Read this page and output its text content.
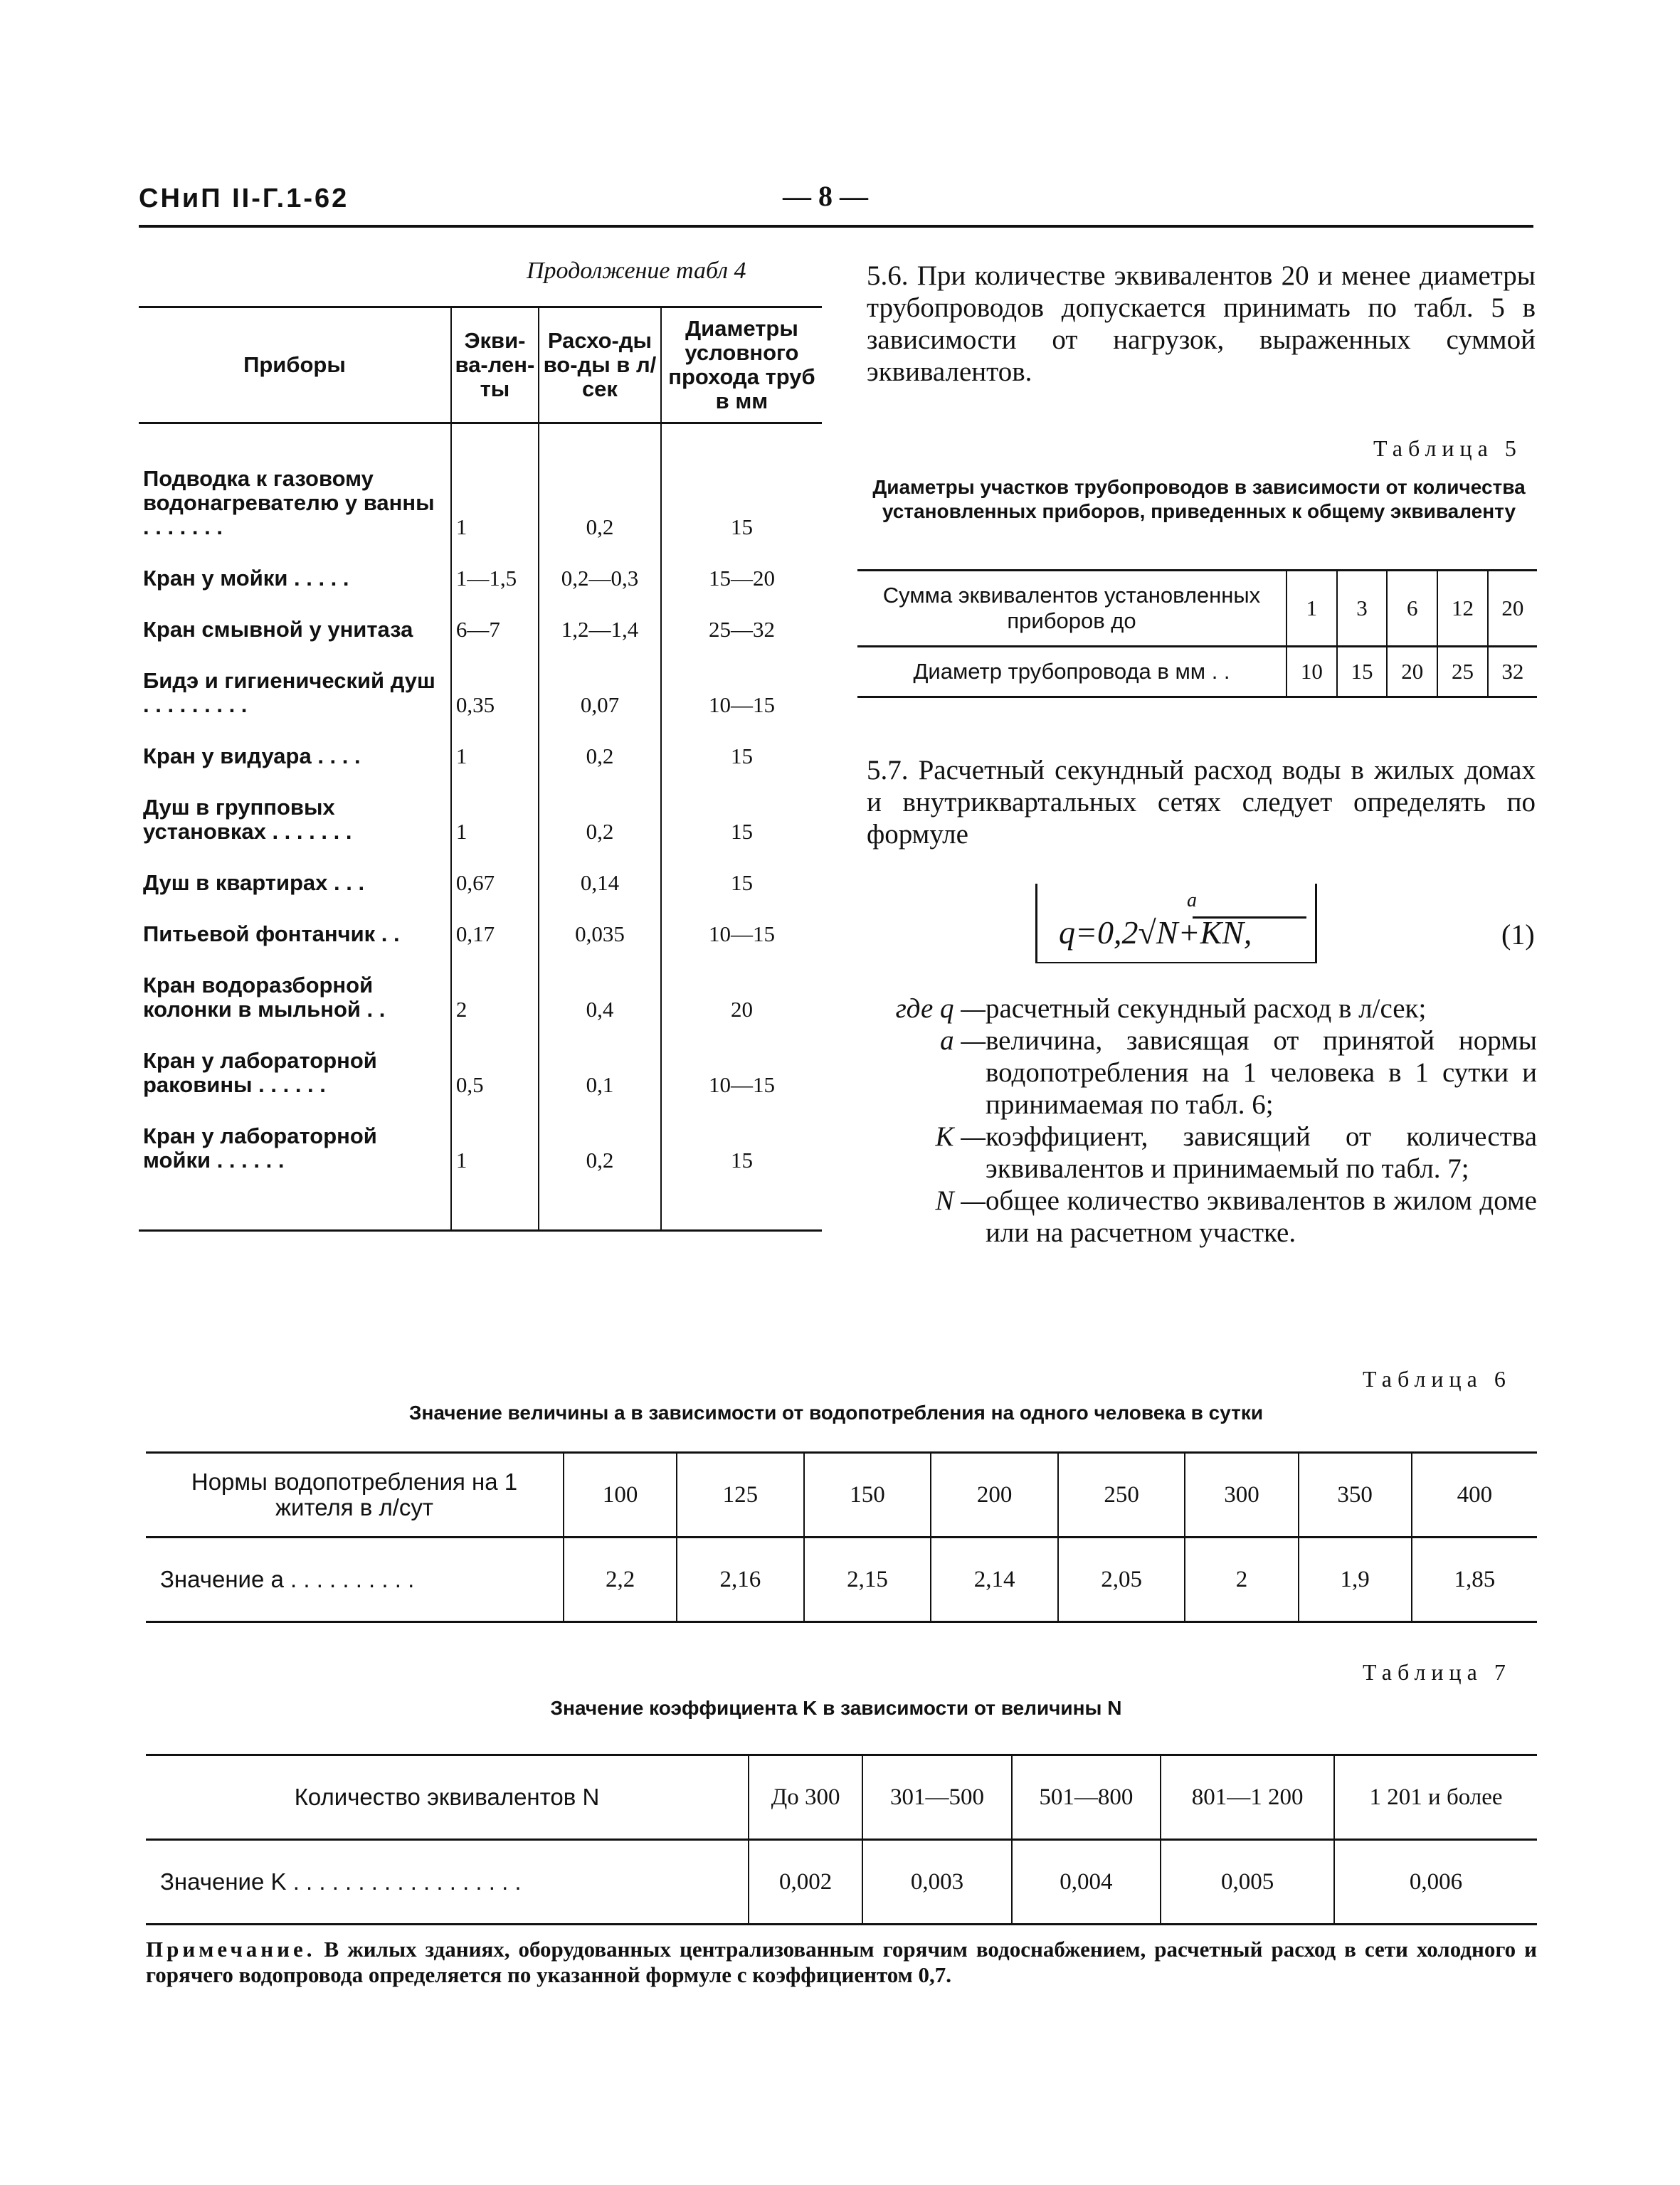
СНиП II-Г.1-62	— 8 —
Продолжение табл 4
Приборы	Экви-ва-лен-ты	Расхо-ды во-ды в л/сек	Диаметры условного прохода труб в мм
Подводка к газовому водонагревателю у ванны . . . . . . .	1	0,2	15
Кран у мойки . . . . .	1—1,5	0,2—0,3	15—20
Кран смывной у унитаза	6—7	1,2—1,4	25—32
Бидэ и гигиенический душ . . . . . . . . .	0,35	0,07	10—15
Кран у видуара . . . .	1	0,2	15
Душ в групповых установках . . . . . . .	1	0,2	15
Душ в квартирах . . .	0,67	0,14	15
Питьевой фонтанчик . .	0,17	0,035	10—15
Кран водоразборной колонки в мыльной . .	2	0,4	20
Кран у лабораторной раковины . . . . . .	0,5	0,1	10—15
Кран у лабораторной мойки . . . . . .	1	0,2	15
5.6. При количестве эквивалентов 20 и менее диаметры трубопроводов допускается принимать по табл. 5 в зависимости от нагрузок, выраженных суммой эквивалентов.
Таблица 5
Диаметры участков трубопроводов в зависимости от количества установленных приборов, приведенных к общему эквиваленту
Сумма эквивалентов установленных приборов до	1	3	6	12	20
Диаметр трубопровода в мм . .	10	15	20	25	32
5.7. Расчетный секундный расход воды в жилых домах и внутриквартальных сетях следует определять по формуле
a
q=0,2√N+KN,	(1)
где q — расчетный секундный расход в л/сек;
a — величина, зависящая от принятой нормы водопотребления на 1 человека в 1 сутки и принимаемая по табл. 6;
K — коэффициент, зависящий от количества эквивалентов и принимаемый по табл. 7;
N — общее количество эквивалентов в жилом доме или на расчетном участке.
Таблица 6
Значение величины a в зависимости от водопотребления на одного человека в сутки
Нормы водопотребления на 1 жителя в л/сут	100	125	150	200	250	300	350	400
Значение a . . . . . . . . . .	2,2	2,16	2,15	2,14	2,05	2	1,9	1,85
Таблица 7
Значение коэффициента K в зависимости от величины N
Количество эквивалентов N	До 300	301—500	501—800	801—1 200	1 201 и более
Значение K . . . . . . . . . . . . . . . . . .	0,002	0,003	0,004	0,005	0,006
Примечание. В жилых зданиях, оборудованных централизованным горячим водоснабжением, расчетный расход в сети холодного и горячего водопровода определяется по указанной формуле с коэффициентом 0,7.
